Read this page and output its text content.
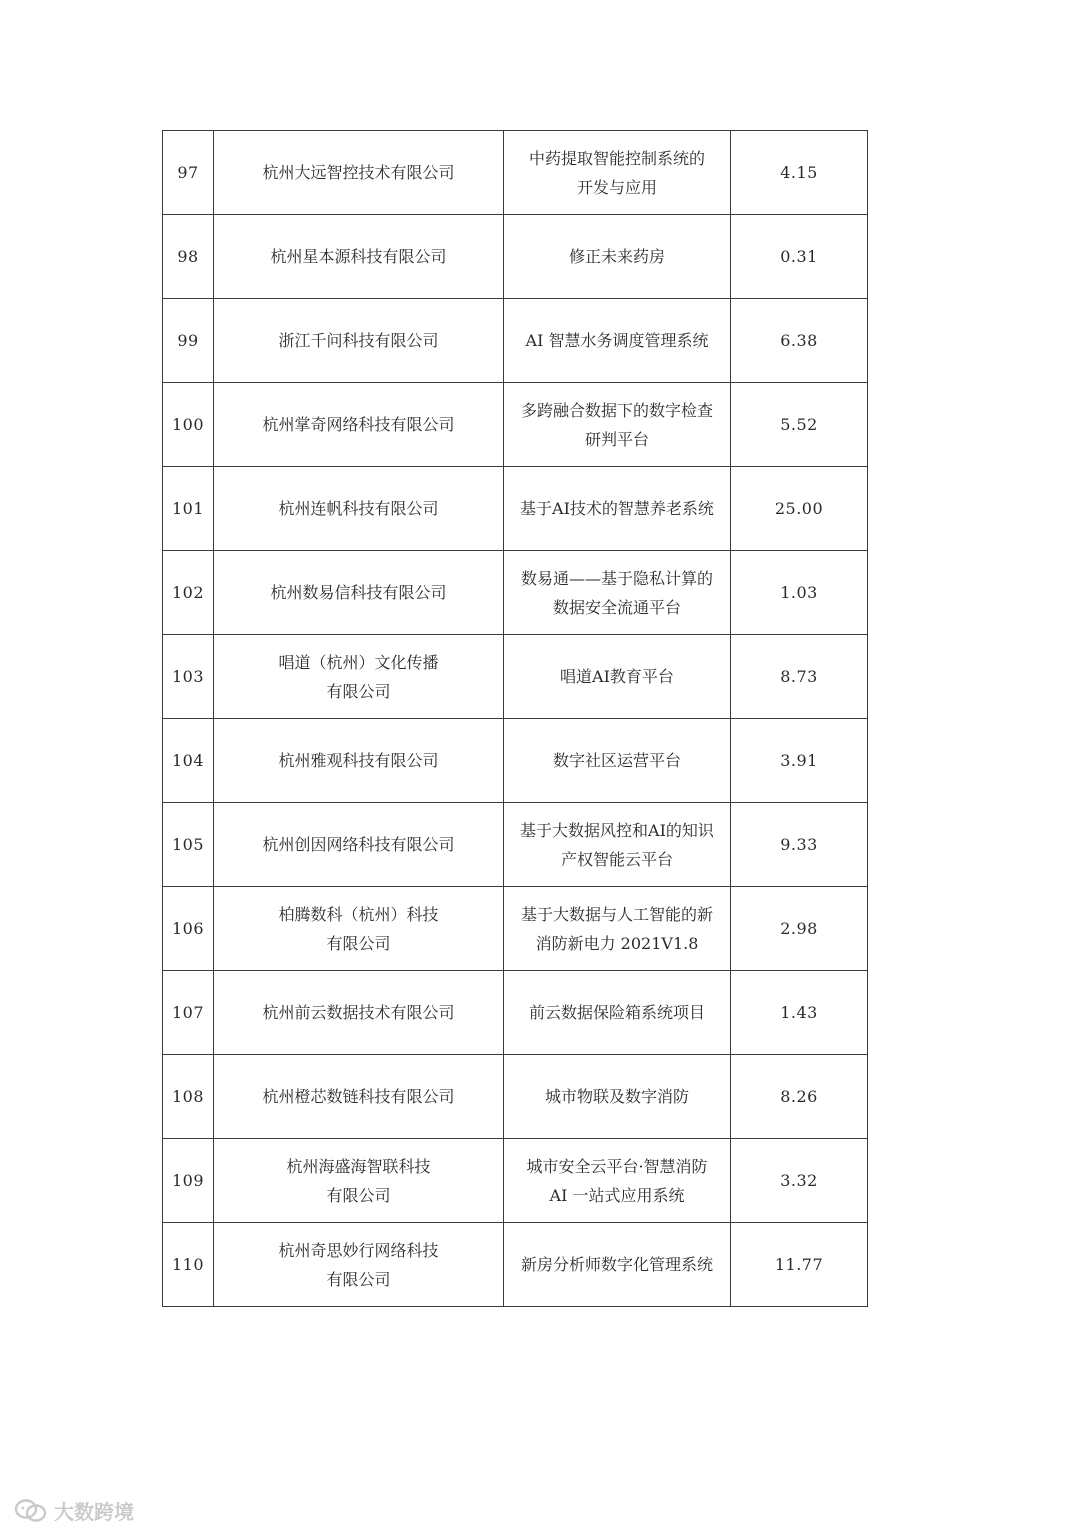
97	杭州大远智控技术有限公司	中药提取智能控制系统的
开发与应用	4.15

98	杭州星本源科技有限公司	修正未来药房	0.31

99	浙江千问科技有限公司	AI 智慧水务调度管理系统	6.38

100	杭州掌奇网络科技有限公司	多跨融合数据下的数字检查
研判平台	5.52

101	杭州连帆科技有限公司	基于AI技术的智慧养老系统	25.00

102	杭州数易信科技有限公司	数易通——基于隐私计算的
数据安全流通平台	1.03

103	唱道（杭州）文化传播
有限公司	唱道AI教育平台	8.73

104	杭州雅观科技有限公司	数字社区运营平台	3.91

105	杭州创因网络科技有限公司	基于大数据风控和AI的知识
产权智能云平台	9.33

106	柏腾数科（杭州）科技
有限公司	基于大数据与人工智能的新
消防新电力 2021V1.8	2.98

107	杭州前云数据技术有限公司	前云数据保险箱系统项目	1.43

108	杭州橙芯数链科技有限公司	城市物联及数字消防	8.26

109	杭州海盛海智联科技
有限公司	城市安全云平台·智慧消防
AI 一站式应用系统	3.32

110	杭州奇思妙行网络科技
有限公司	新房分析师数字化管理系统	11.77
大数跨境
